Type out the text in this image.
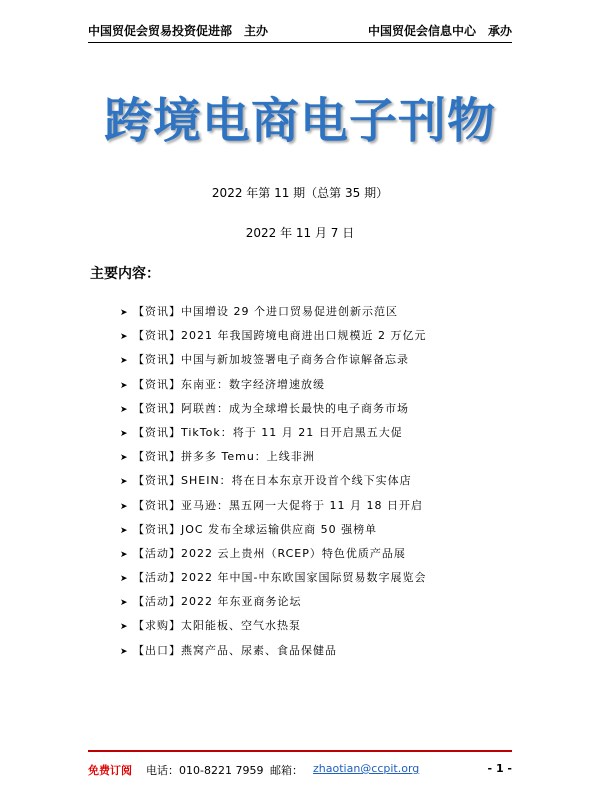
中国贸促会贸易投资促进部　主办	中国贸促会信息中心　承办
跨境电商电子刊物
2022 年第 11 期（总第 35 期）
2022 年 11 月 7 日
主要内容：
➤ 【资讯】中国增设 29 个进口贸易促进创新示范区
➤ 【资讯】2021 年我国跨境电商进出口规模近 2 万亿元
➤ 【资讯】中国与新加坡签署电子商务合作谅解备忘录
➤ 【资讯】东南亚：数字经济增速放缓
➤ 【资讯】阿联酋：成为全球增长最快的电子商务市场
➤ 【资讯】TikTok：将于 11 月 21 日开启黑五大促
➤ 【资讯】拼多多 Temu：上线非洲
➤ 【资讯】SHEIN：将在日本东京开设首个线下实体店
➤ 【资讯】亚马逊：黑五网一大促将于 11 月 18 日开启
➤ 【资讯】JOC 发布全球运输供应商 50 强榜单
➤ 【活动】2022 云上贵州（RCEP）特色优质产品展
➤ 【活动】2022 年中国-中东欧国家国际贸易数字展览会
➤ 【活动】2022 年东亚商务论坛
➤ 【求购】太阳能板、空气水热泵
➤ 【出口】燕窝产品、尿素、食品保健品
免费订阅 电话：010-8221 7959 邮箱： zhaotian@ccpit.org	- 1 -
